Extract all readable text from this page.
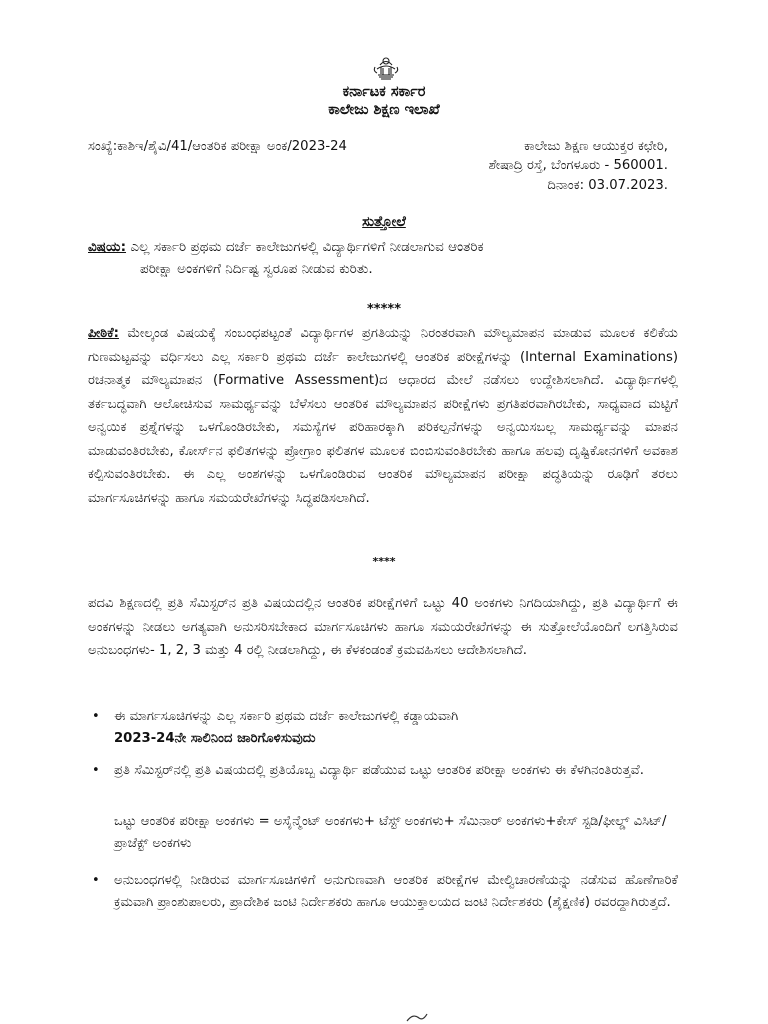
ಕರ್ನಾಟಕ ಸರ್ಕಾರ
ಕಾಲೇಜು ಶಿಕ್ಷಣ ಇಲಾಖೆ
ಸಂಖ್ಯೆ:ಕಾಶಿಇ/ಶೈವಿ/41/ಆಂತರಿಕ ಪರೀಕ್ಷಾ ಅಂಕ/2023-24	ಕಾಲೇಜು ಶಿಕ್ಷಣ ಆಯುಕ್ತರ ಕಛೇರಿ,
ಶೇಷಾದ್ರಿ ರಸ್ತೆ, ಬೆಂಗಳೂರು - 560001.
ದಿನಾಂಕ: 03.07.2023.
ಸುತ್ತೋಲೆ
ವಿಷಯ: ಎಲ್ಲ ಸರ್ಕಾರಿ ಪ್ರಥಮ ದರ್ಜೆ ಕಾಲೇಜುಗಳಲ್ಲಿ ವಿದ್ಯಾರ್ಥಿಗಳಿಗೆ ನೀಡಲಾಗುವ ಆಂತರಿಕ
ಪರೀಕ್ಷಾ ಅಂಕಗಳಿಗೆ ನಿರ್ದಿಷ್ಟ ಸ್ವರೂಪ ನೀಡುವ ಕುರಿತು.
*****
ಪೀಠಿಕೆ: ಮೇಲ್ಕಂಡ ವಿಷಯಕ್ಕೆ ಸಂಬಂಧಪಟ್ಟಂತೆ ವಿದ್ಯಾರ್ಥಿಗಳ ಪ್ರಗತಿಯನ್ನು ನಿರಂತರವಾಗಿ ಮೌಲ್ಯಮಾಪನ ಮಾಡುವ ಮೂಲಕ ಕಲಿಕೆಯ ಗುಣಮಟ್ಟವನ್ನು ವರ್ಧಿಸಲು ಎಲ್ಲ ಸರ್ಕಾರಿ ಪ್ರಥಮ ದರ್ಜೆ ಕಾಲೇಜುಗಳಲ್ಲಿ ಆಂತರಿಕ ಪರೀಕ್ಷೆಗಳನ್ನು (Internal Examinations) ರಚನಾತ್ಮಕ ಮೌಲ್ಯಮಾಪನ (Formative Assessment)ದ ಆಧಾರದ ಮೇಲೆ ನಡೆಸಲು ಉದ್ದೇಶಿಸಲಾಗಿದೆ. ವಿದ್ಯಾರ್ಥಿಗಳಲ್ಲಿ ತರ್ಕಬದ್ಧವಾಗಿ ಆಲೋಚಿಸುವ ಸಾಮರ್ಥ್ಯವನ್ನು ಬೆಳೆಸಲು ಆಂತರಿಕ ಮೌಲ್ಯಮಾಪನ ಪರೀಕ್ಷೆಗಳು ಪ್ರಗತಿಪರವಾಗಿರಬೇಕು, ಸಾಧ್ಯವಾದ ಮಟ್ಟಿಗೆ ಅನ್ವಯಿಕ ಪ್ರಶ್ನೆಗಳನ್ನು ಒಳಗೊಂಡಿರಬೇಕು, ಸಮಸ್ಯೆಗಳ ಪರಿಹಾರಕ್ಕಾಗಿ ಪರಿಕಲ್ಪನೆಗಳನ್ನು ಅನ್ವಯಿಸಬಲ್ಲ ಸಾಮರ್ಥ್ಯವನ್ನು ಮಾಪನ ಮಾಡುವಂತಿರಬೇಕು, ಕೋರ್ಸ್‌ನ ಫಲಿತಗಳನ್ನು ಪ್ರೋಗ್ರಾಂ ಫಲಿತಗಳ ಮೂಲಕ ಬಿಂಬಿಸುವಂತಿರಬೇಕು ಹಾಗೂ ಹಲವು ದೃಷ್ಟಿಕೋನಗಳಿಗೆ ಅವಕಾಶ ಕಲ್ಪಿಸುವಂತಿರಬೇಕು. ಈ ಎಲ್ಲ ಅಂಶಗಳನ್ನು ಒಳಗೊಂಡಿರುವ ಆಂತರಿಕ ಮೌಲ್ಯಮಾಪನ ಪರೀಕ್ಷಾ ಪದ್ಧತಿಯನ್ನು ರೂಢಿಗೆ ತರಲು ಮಾರ್ಗಸೂಚಿಗಳನ್ನು ಹಾಗೂ ಸಮಯರೇಖೆಗಳನ್ನು ಸಿದ್ಧಪಡಿಸಲಾಗಿದೆ.
****
ಪದವಿ ಶಿಕ್ಷಣದಲ್ಲಿ ಪ್ರತಿ ಸೆಮಿಸ್ಟರ್‌ನ ಪ್ರತಿ ವಿಷಯದಲ್ಲಿನ ಆಂತರಿಕ ಪರೀಕ್ಷೆಗಳಿಗೆ ಒಟ್ಟು 40 ಅಂಕಗಳು ನಿಗದಿಯಾಗಿದ್ದು, ಪ್ರತಿ ವಿದ್ಯಾರ್ಥಿಗೆ ಈ ಅಂಕಗಳನ್ನು ನೀಡಲು ಅಗತ್ಯವಾಗಿ ಅನುಸರಿಸಬೇಕಾದ ಮಾರ್ಗಸೂಚಿಗಳು ಹಾಗೂ ಸಮಯರೇಖೆಗಳನ್ನು ಈ ಸುತ್ತೋಲೆಯೊಂದಿಗೆ ಲಗತ್ತಿಸಿರುವ ಅನುಬಂಧಗಳು- 1, 2, 3 ಮತ್ತು 4 ರಲ್ಲಿ ನೀಡಲಾಗಿದ್ದು, ಈ ಕೆಳಕಂಡಂತೆ ಕ್ರಮವಹಿಸಲು ಆದೇಶಿಸಲಾಗಿದೆ.
• ಈ ಮಾರ್ಗಸೂಚಿಗಳನ್ನು ಎಲ್ಲ ಸರ್ಕಾರಿ ಪ್ರಥಮ ದರ್ಜೆ ಕಾಲೇಜುಗಳಲ್ಲಿ ಕಡ್ಡಾಯವಾಗಿ
2023-24ನೇ ಸಾಲಿನಿಂದ ಜಾರಿಗೊಳಿಸುವುದು
• ಪ್ರತಿ ಸೆಮಿಸ್ಟರ್‌ನಲ್ಲಿ ಪ್ರತಿ ವಿಷಯದಲ್ಲಿ ಪ್ರತಿಯೊಬ್ಬ ವಿದ್ಯಾರ್ಥಿ ಪಡೆಯುವ ಒಟ್ಟು ಆಂತರಿಕ ಪರೀಕ್ಷಾ ಅಂಕಗಳು ಈ ಕೆಳಗಿನಂತಿರುತ್ತವೆ.
ಒಟ್ಟು ಆಂತರಿಕ ಪರೀಕ್ಷಾ ಅಂಕಗಳು = ಅಸೈನ್ಮೆಂಟ್ ಅಂಕಗಳು+ ಟೆಸ್ಟ್ ಅಂಕಗಳು+ ಸೆಮಿನಾರ್ ಅಂಕಗಳು+ಕೇಸ್ ಸ್ಟಡಿ/ಫೀಲ್ಡ್ ವಿಸಿಟ್/ಪ್ರಾಜೆಕ್ಟ್ ಅಂಕಗಳು
• ಅನುಬಂಧಗಳಲ್ಲಿ ನೀಡಿರುವ ಮಾರ್ಗಸೂಚಿಗಳಿಗೆ ಅನುಗುಣವಾಗಿ ಆಂತರಿಕ ಪರೀಕ್ಷೆಗಳ ಮೇಲ್ವಿಚಾರಣೆಯನ್ನು ನಡೆಸುವ ಹೊಣೆಗಾರಿಕೆ ಕ್ರಮವಾಗಿ ಪ್ರಾಂಶುಪಾಲರು, ಪ್ರಾದೇಶಿಕ ಜಂಟಿ ನಿರ್ದೇಶಕರು ಹಾಗೂ ಆಯುಕ್ತಾಲಯದ ಜಂಟಿ ನಿರ್ದೇಶಕರು (ಶೈಕ್ಷಣಿಕ) ರವರದ್ದಾಗಿರುತ್ತದೆ.
